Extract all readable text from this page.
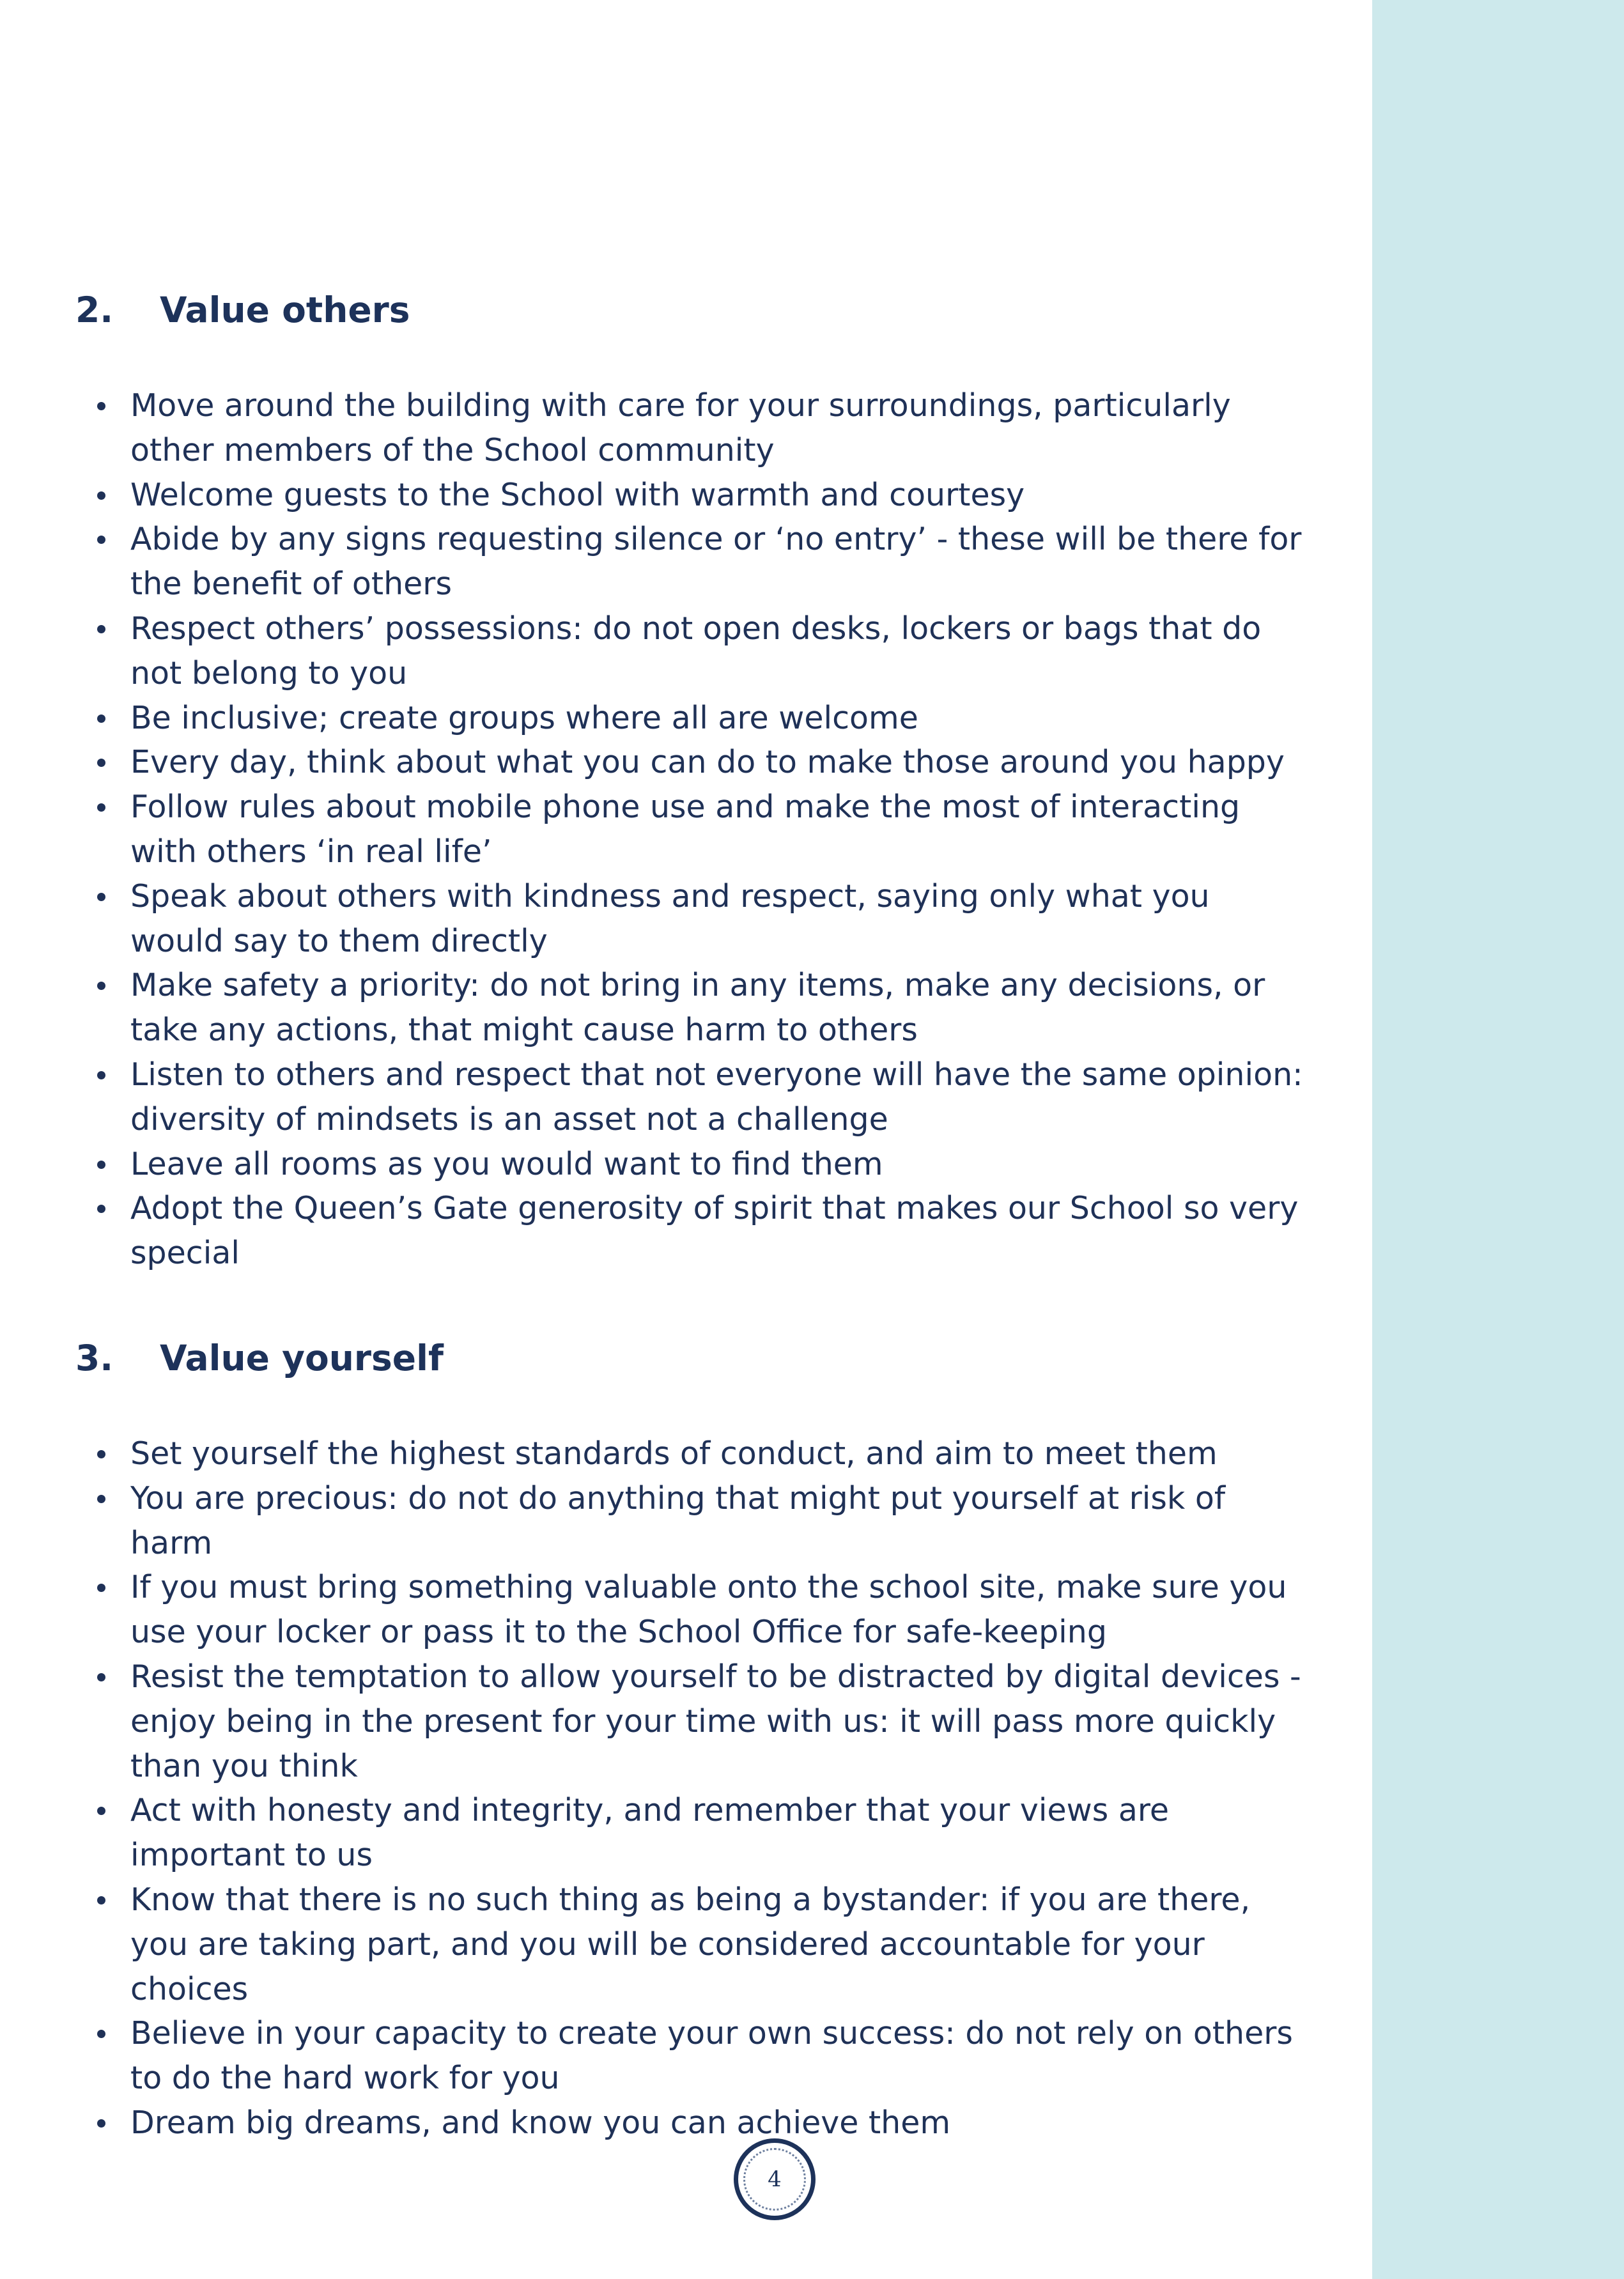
2. Value others
Move around the building with care for your surroundings, particularly other members of the School community
Welcome guests to the School with warmth and courtesy
Abide by any signs requesting silence or ‘no entry’ - these will be there for the benefit of others
Respect others’ possessions: do not open desks, lockers or bags that do not belong to you
Be inclusive; create groups where all are welcome
Every day, think about what you can do to make those around you happy
Follow rules about mobile phone use and make the most of interacting with others ‘in real life’
Speak about others with kindness and respect, saying only what you would say to them directly
Make safety a priority: do not bring in any items, make any decisions, or take any actions, that might cause harm to others
Listen to others and respect that not everyone will have the same opinion: diversity of mindsets is an asset not a challenge
Leave all rooms as you would want to find them
Adopt the Queen’s Gate generosity of spirit that makes our School so very special
3. Value yourself
Set yourself the highest standards of conduct, and aim to meet them
You are precious: do not do anything that might put yourself at risk of harm
If you must bring something valuable onto the school site, make sure you use your locker or pass it to the School Office for safe-keeping
Resist the temptation to allow yourself to be distracted by digital devices - enjoy being in the present for your time with us: it will pass more quickly than you think
Act with honesty and integrity, and remember that your views are important to us
Know that there is no such thing as being a bystander: if you are there, you are taking part, and you will be considered accountable for your choices
Believe in your capacity to create your own success: do not rely on others to do the hard work for you
Dream big dreams, and know you can achieve them
4
